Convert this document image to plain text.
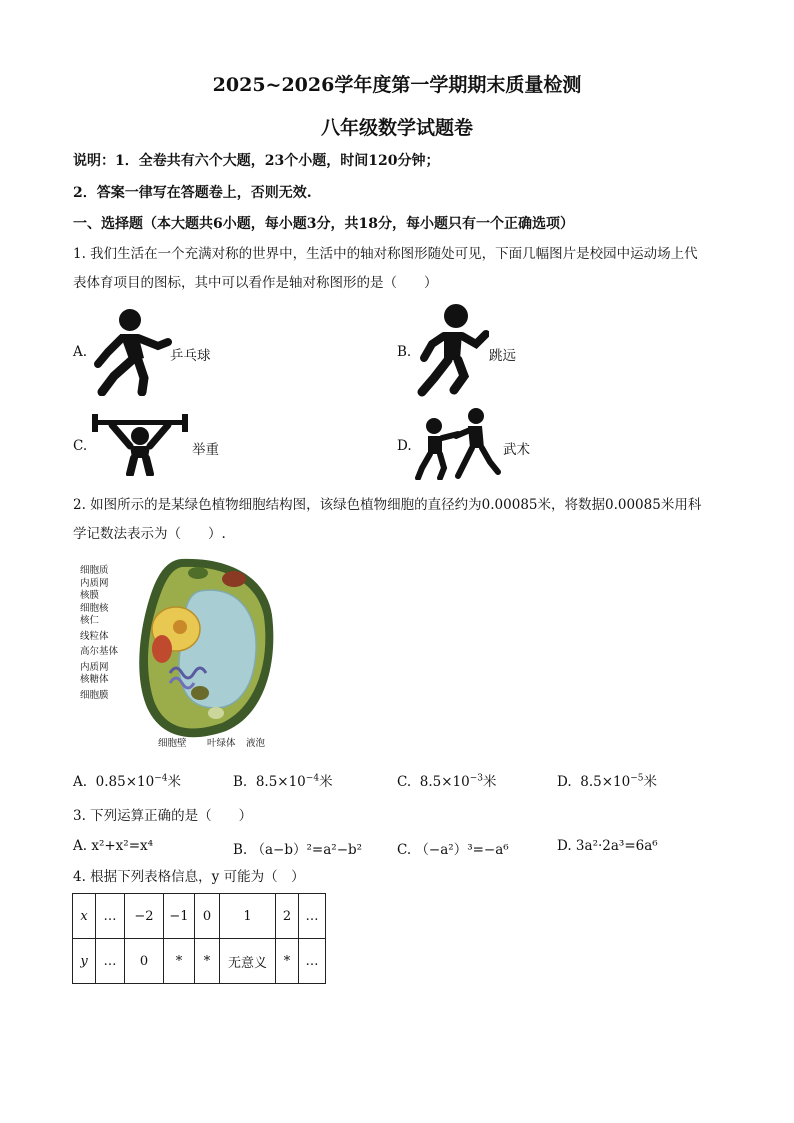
2025~2026学年度第一学期期末质量检测
八年级数学试题卷
说明：1．全卷共有六个大题，23个小题，时间120分钟；
2．答案一律写在答题卷上，否则无效.
一、选择题（本大题共6小题，每小题3分，共18分，每小题只有一个正确选项）
1. 我们生活在一个充满对称的世界中，生活中的轴对称图形随处可见，下面几幅图片是校园中运动场上代
表体育项目的图标，其中可以看作是轴对称图形的是（　　）
A.	乒乓球	B.	跳远
C.	举重	D.	武术
2. 如图所示的是某绿色植物细胞结构图，该绿色植物细胞的直径约为0.00085米，将数据0.00085米用科
学记数法表示为（　　）.
细胞质
内质网
核膜
细胞核
核仁
线粒体
高尔基体
内质网
核糖体
细胞膜
细胞壁 叶绿体 液泡
A. $0.85\times 10^{-4}$米	B. $8.5\times 10^{-4}$米	C. $8.5\times 10^{-3}$米	D. $8.5\times 10^{-5}$米
3. 下列运算正确的是（　　）
A. x²+x²=x⁴	B. （a−b）²=a²−b²	C. （−a²）³=−a⁶	D. 3a²·2a³=6a⁶
4. 根据下列表格信息，y 可能为（　）
x	…	−2	−1	0	1	2	…
y	…	0	*	*	无意义	*	…
